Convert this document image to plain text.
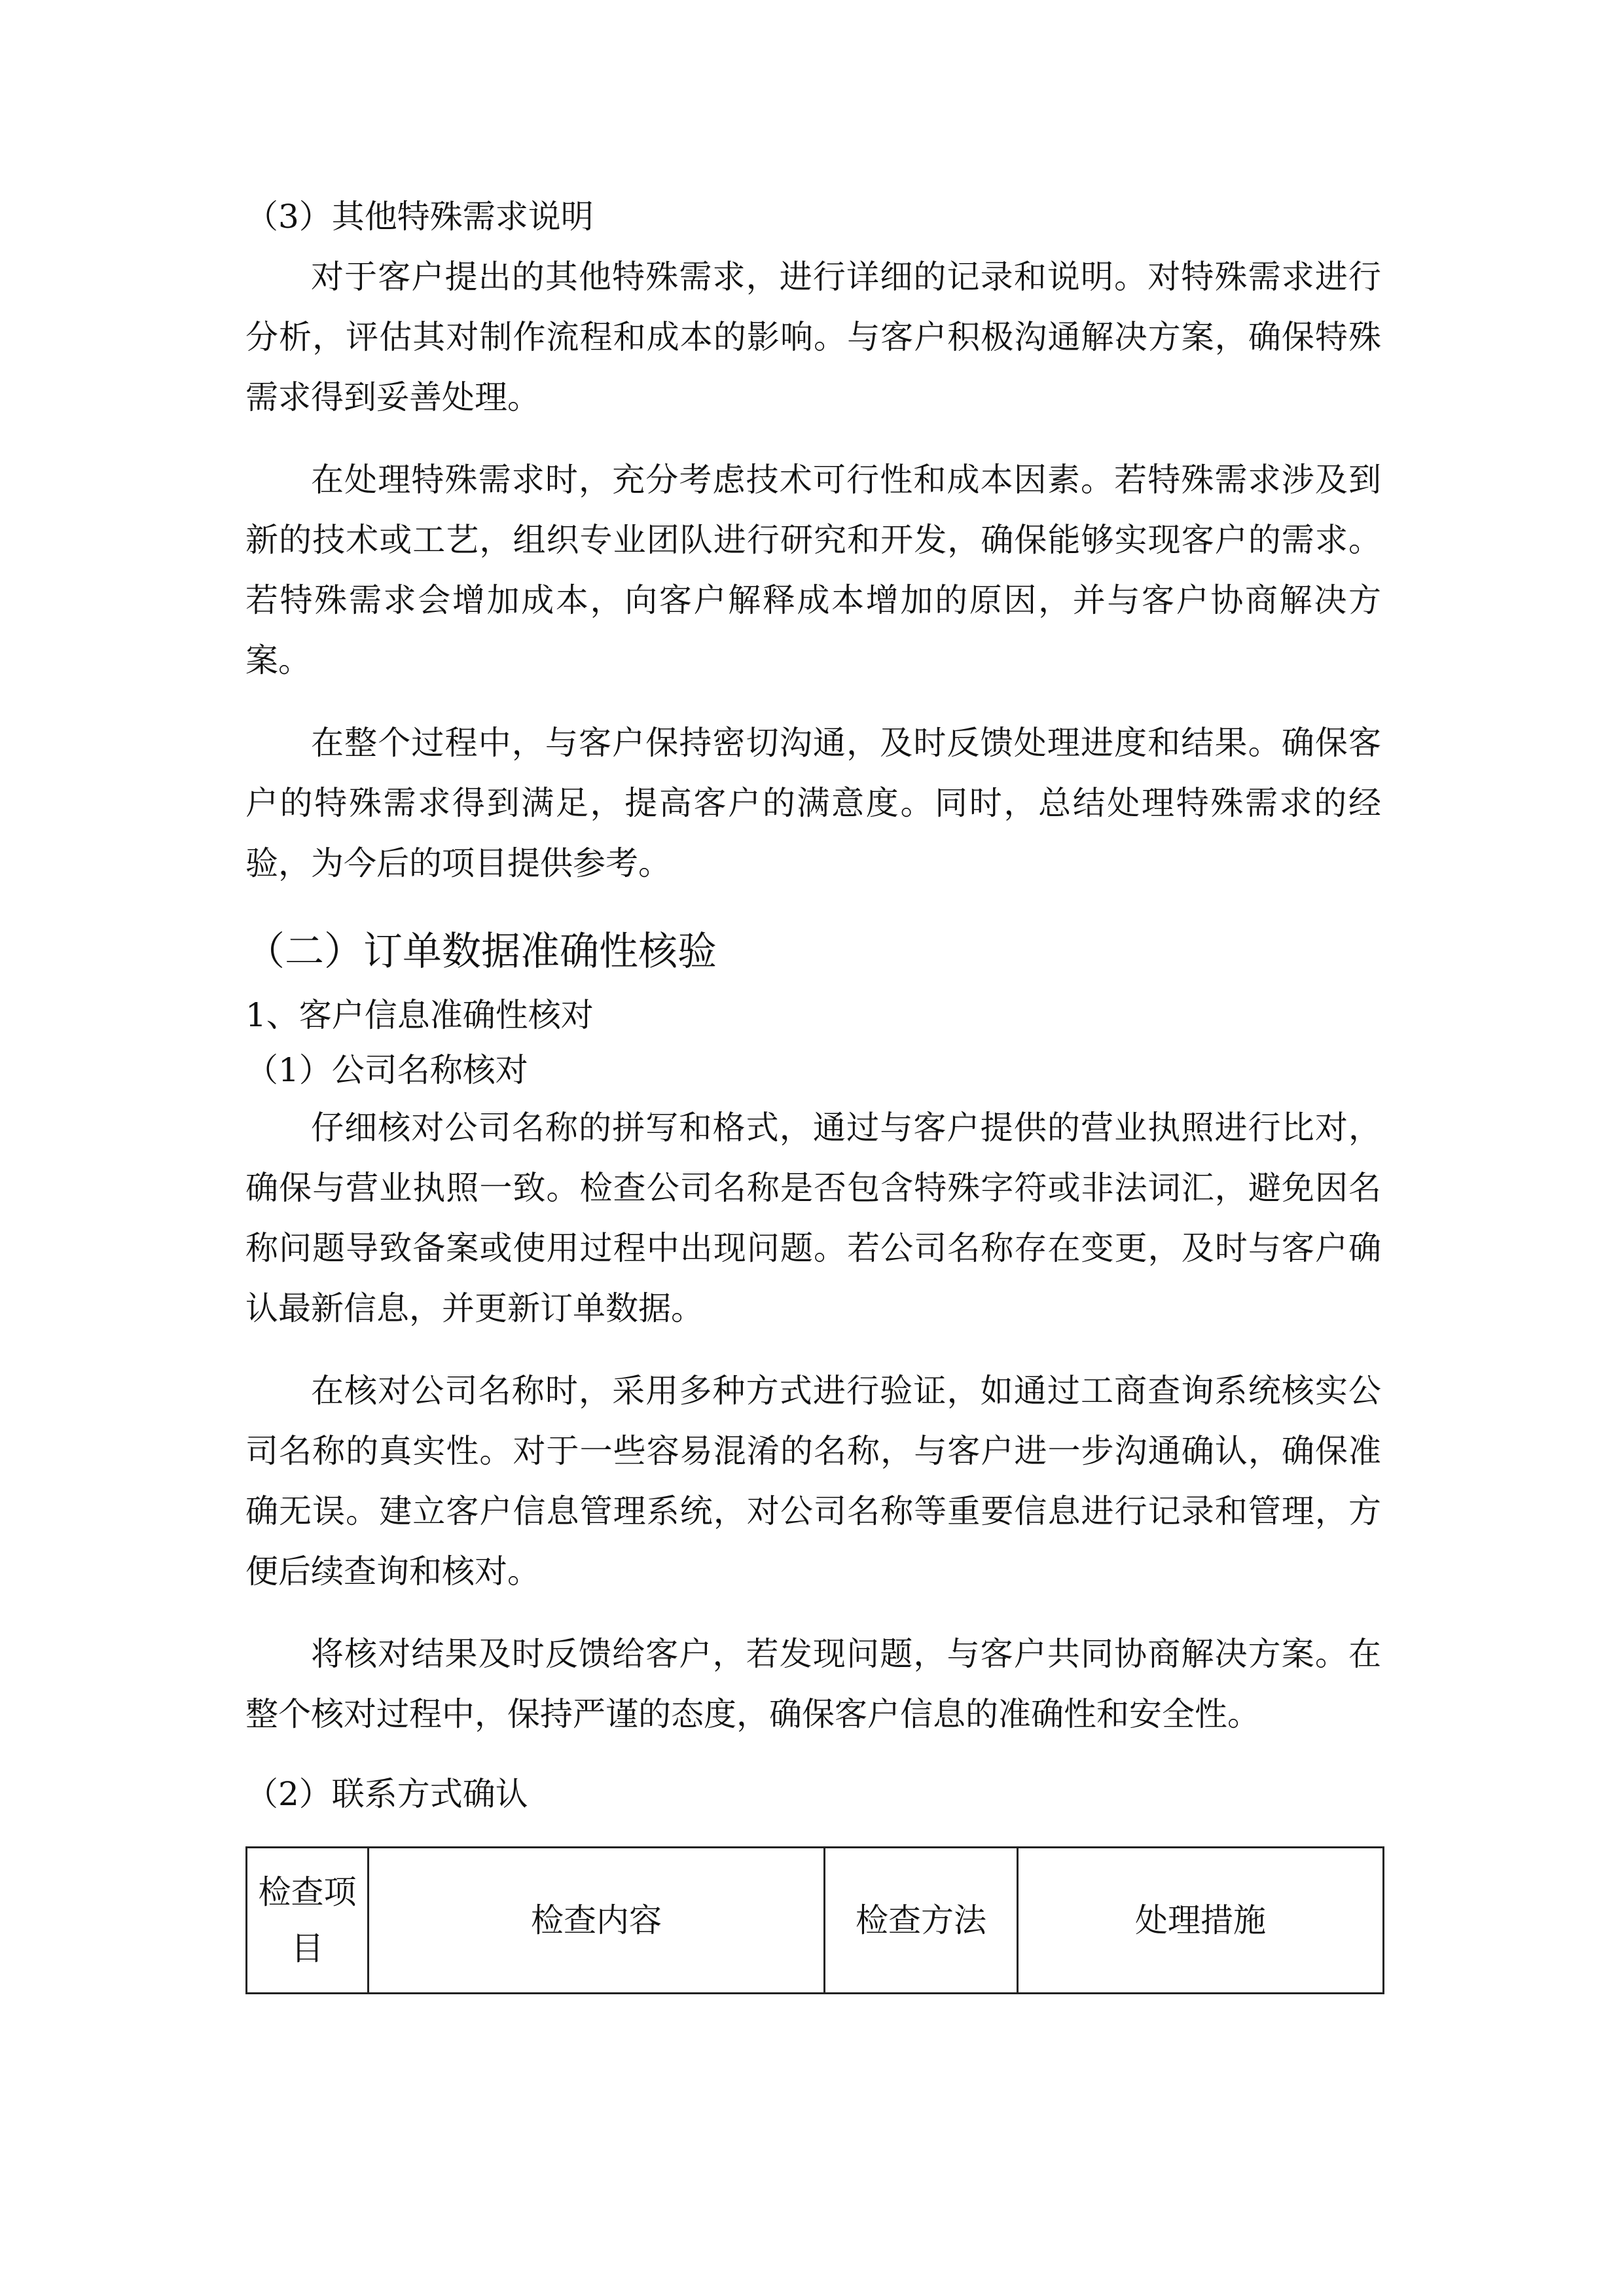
（3）其他特殊需求说明

对于客户提出的其他特殊需求，进行详细的记录和说明。对特殊需求进行
分析，评估其对制作流程和成本的影响。与客户积极沟通解决方案，确保特殊
需求得到妥善处理。
在处理特殊需求时，充分考虑技术可行性和成本因素。若特殊需求涉及到
新的技术或工艺，组织专业团队进行研究和开发，确保能够实现客户的需求。
若特殊需求会增加成本，向客户解释成本增加的原因，并与客户协商解决方
案。
在整个过程中，与客户保持密切沟通，及时反馈处理进度和结果。确保客
户的特殊需求得到满足，提高客户的满意度。同时，总结处理特殊需求的经
验，为今后的项目提供参考。

（二）订单数据准确性核验

1、客户信息准确性核对

（1）公司名称核对

仔细核对公司名称的拼写和格式，通过与客户提供的营业执照进行比对，
确保与营业执照一致。检查公司名称是否包含特殊字符或非法词汇，避免因名
称问题导致备案或使用过程中出现问题。若公司名称存在变更，及时与客户确
认最新信息，并更新订单数据。
在核对公司名称时，采用多种方式进行验证，如通过工商查询系统核实公
司名称的真实性。对于一些容易混淆的名称，与客户进一步沟通确认，确保准
确无误。建立客户信息管理系统，对公司名称等重要信息进行记录和管理，方
便后续查询和核对。
将核对结果及时反馈给客户，若发现问题，与客户共同协商解决方案。在
整个核对过程中，保持严谨的态度，确保客户信息的准确性和安全性。

（2）联系方式确认

检查项目	检查内容	检查方法	处理措施
